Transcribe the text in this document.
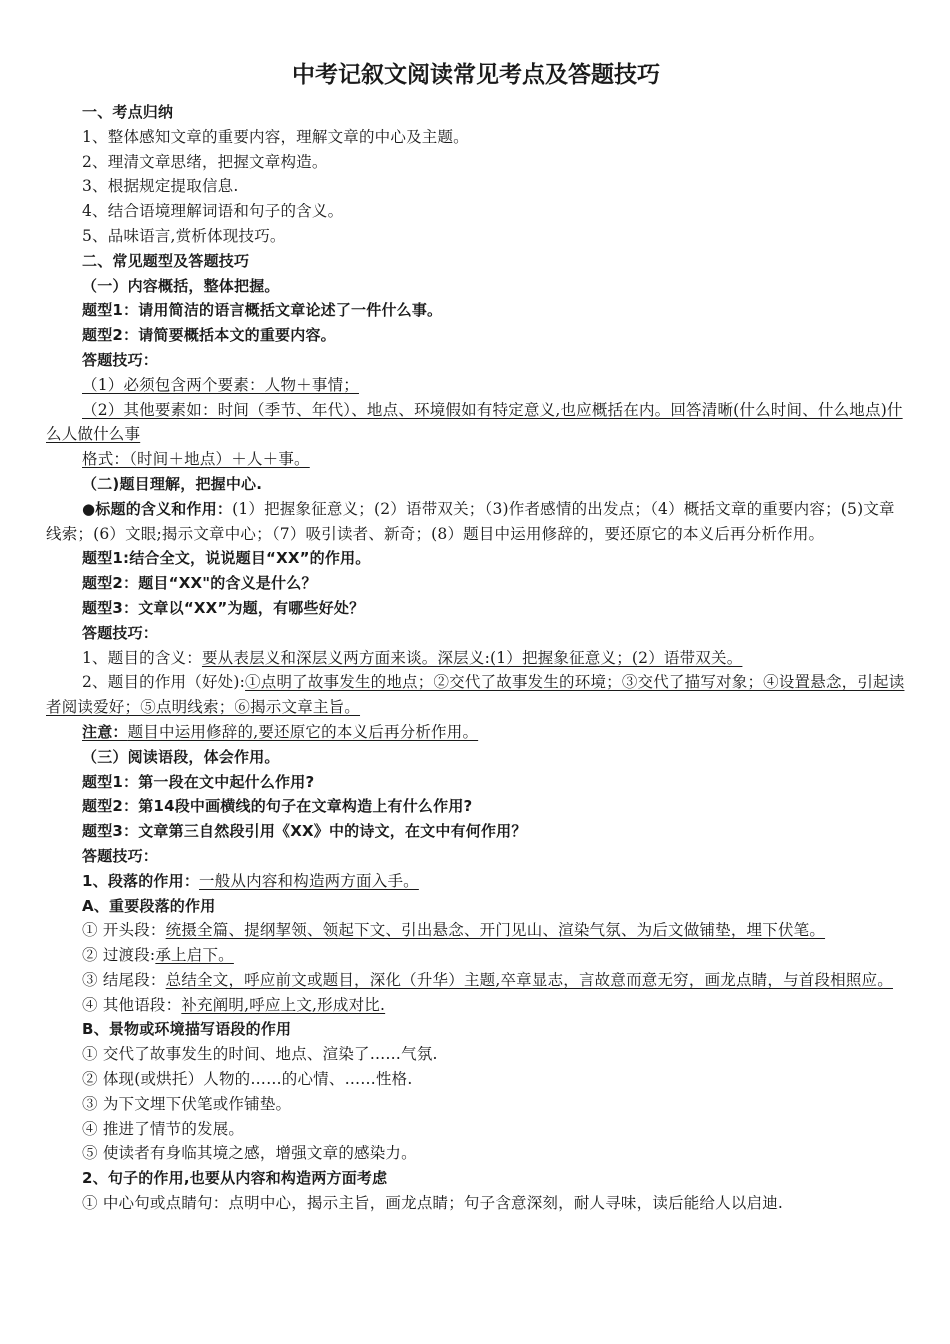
中考记叙文阅读常见考点及答题技巧
一、考点归纳
1、整体感知文章的重要内容，理解文章的中心及主题。
2、理清文章思绪，把握文章构造。
3、根据规定提取信息.
4、结合语境理解词语和句子的含义。
5、品味语言,赏析体现技巧。
二、常见题型及答题技巧
（一）内容概括，整体把握。
题型1：请用简洁的语言概括文章论述了一件什么事。
题型2：请简要概括本文的重要内容。
答题技巧：
（1）必须包含两个要素：人物＋事情；
（2）其他要素如：时间（季节、年代）、地点、环境假如有特定意义,也应概括在内。回答清晰(什么时间、什么地点)什么人做什么事
格式：（时间＋地点）＋人＋事。
（二)题目理解，把握中心.
●标题的含义和作用：(1）把握象征意义；(2）语带双关；（3)作者感情的出发点；（4）概括文章的重要内容；(5)文章线索；(6）文眼;揭示文章中心；（7）吸引读者、新奇；(8）题目中运用修辞的，要还原它的本义后再分析作用。
题型1:结合全文，说说题目“XX”的作用。
题型2：题目“XX"的含义是什么？
题型3：文章以“XX”为题，有哪些好处？
答题技巧：
1、题目的含义：要从表层义和深层义两方面来谈。深层义:(1）把握象征意义；(2）语带双关。
2、题目的作用（好处):①点明了故事发生的地点；②交代了故事发生的环境；③交代了描写对象；④设置悬念，引起读者阅读爱好；⑤点明线索；⑥揭示文章主旨。
注意：题目中运用修辞的,要还原它的本义后再分析作用。
（三）阅读语段，体会作用。
题型1：第一段在文中起什么作用?
题型2：第14段中画横线的句子在文章构造上有什么作用?
题型3：文章第三自然段引用《XX》中的诗文，在文中有何作用？
答题技巧：
1、段落的作用：一般从内容和构造两方面入手。
A、重要段落的作用
① 开头段：统摄全篇、提纲挈领、领起下文、引出悬念、开门见山、渲染气氛、为后文做铺垫，埋下伏笔。
② 过渡段:承上启下。
③ 结尾段：总结全文，呼应前文或题目，深化（升华）主题,卒章显志，言故意而意无穷，画龙点睛，与首段相照应。
④ 其他语段：补充阐明,呼应上文,形成对比.
B、景物或环境描写语段的作用
① 交代了故事发生的时间、地点、渲染了……气氛.
② 体现(或烘托）人物的……的心情、……性格.
③ 为下文埋下伏笔或作铺垫。
④ 推进了情节的发展。
⑤ 使读者有身临其境之感，增强文章的感染力。
2、句子的作用,也要从内容和构造两方面考虑
① 中心句或点睛句：点明中心，揭示主旨，画龙点睛；句子含意深刻，耐人寻味，读后能给人以启迪.
